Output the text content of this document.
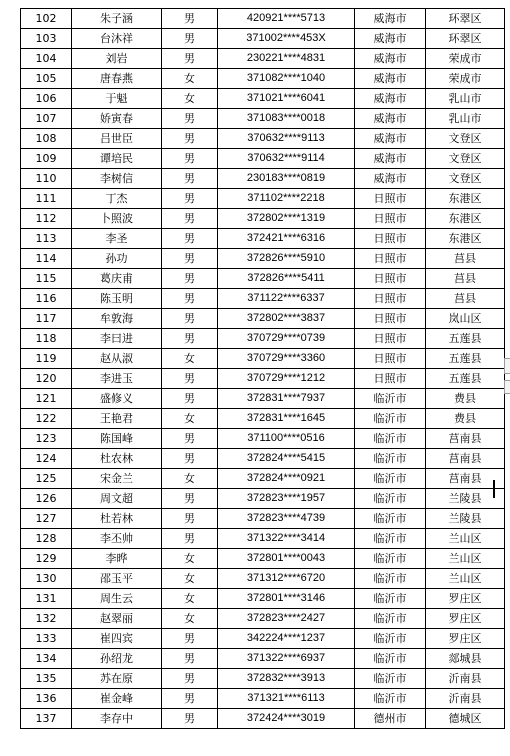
102	朱子涵	男	420921****5713	威海市	环翠区
103	台沐祥	男	371002****453X	威海市	环翠区
104	刘岩	男	230221****4831	威海市	荣成市
105	唐春燕	女	371082****1040	威海市	荣成市
106	于魁	女	371021****6041	威海市	乳山市
107	娇寅春	男	371083****0018	威海市	乳山市
108	吕世臣	男	370632****9113	威海市	文登区
109	谭培民	男	370632****9114	威海市	文登区
110	李树信	男	230183****0819	威海市	文登区
111	丁杰	男	371102****2218	日照市	东港区
112	卜照波	男	372802****1319	日照市	东港区
113	李圣	男	372421****6316	日照市	东港区
114	孙功	男	372826****5910	日照市	莒县
115	葛庆甫	男	372826****5411	日照市	莒县
116	陈玉明	男	371122****6337	日照市	莒县
117	牟敦海	男	372802****3837	日照市	岚山区
118	李曰进	男	370729****0739	日照市	五莲县
119	赵从淑	女	370729****3360	日照市	五莲县
120	李进玉	男	370729****1212	日照市	五莲县
121	盛修义	男	372831****7937	临沂市	费县
122	王艳君	女	372831****1645	临沂市	费县
123	陈国峰	男	371100****0516	临沂市	莒南县
124	杜农林	男	372824****5415	临沂市	莒南县
125	宋金兰	女	372824****0921	临沂市	莒南县
126	周文超	男	372823****1957	临沂市	兰陵县
127	杜若林	男	372823****4739	临沂市	兰陵县
128	李丕帅	男	371322****3414	临沂市	兰山区
129	李晔	女	372801****0043	临沂市	兰山区
130	邵玉平	女	371312****6720	临沂市	兰山区
131	周生云	女	372801****3146	临沂市	罗庄区
132	赵翠丽	女	372823****2427	临沂市	罗庄区
133	崔四宾	男	342224****1237	临沂市	罗庄区
134	孙绍龙	男	371322****6937	临沂市	郯城县
135	苏在原	男	372832****3913	临沂市	沂南县
136	崔金峰	男	371321****6113	临沂市	沂南县
137	李存中	男	372424****3019	德州市	德城区
